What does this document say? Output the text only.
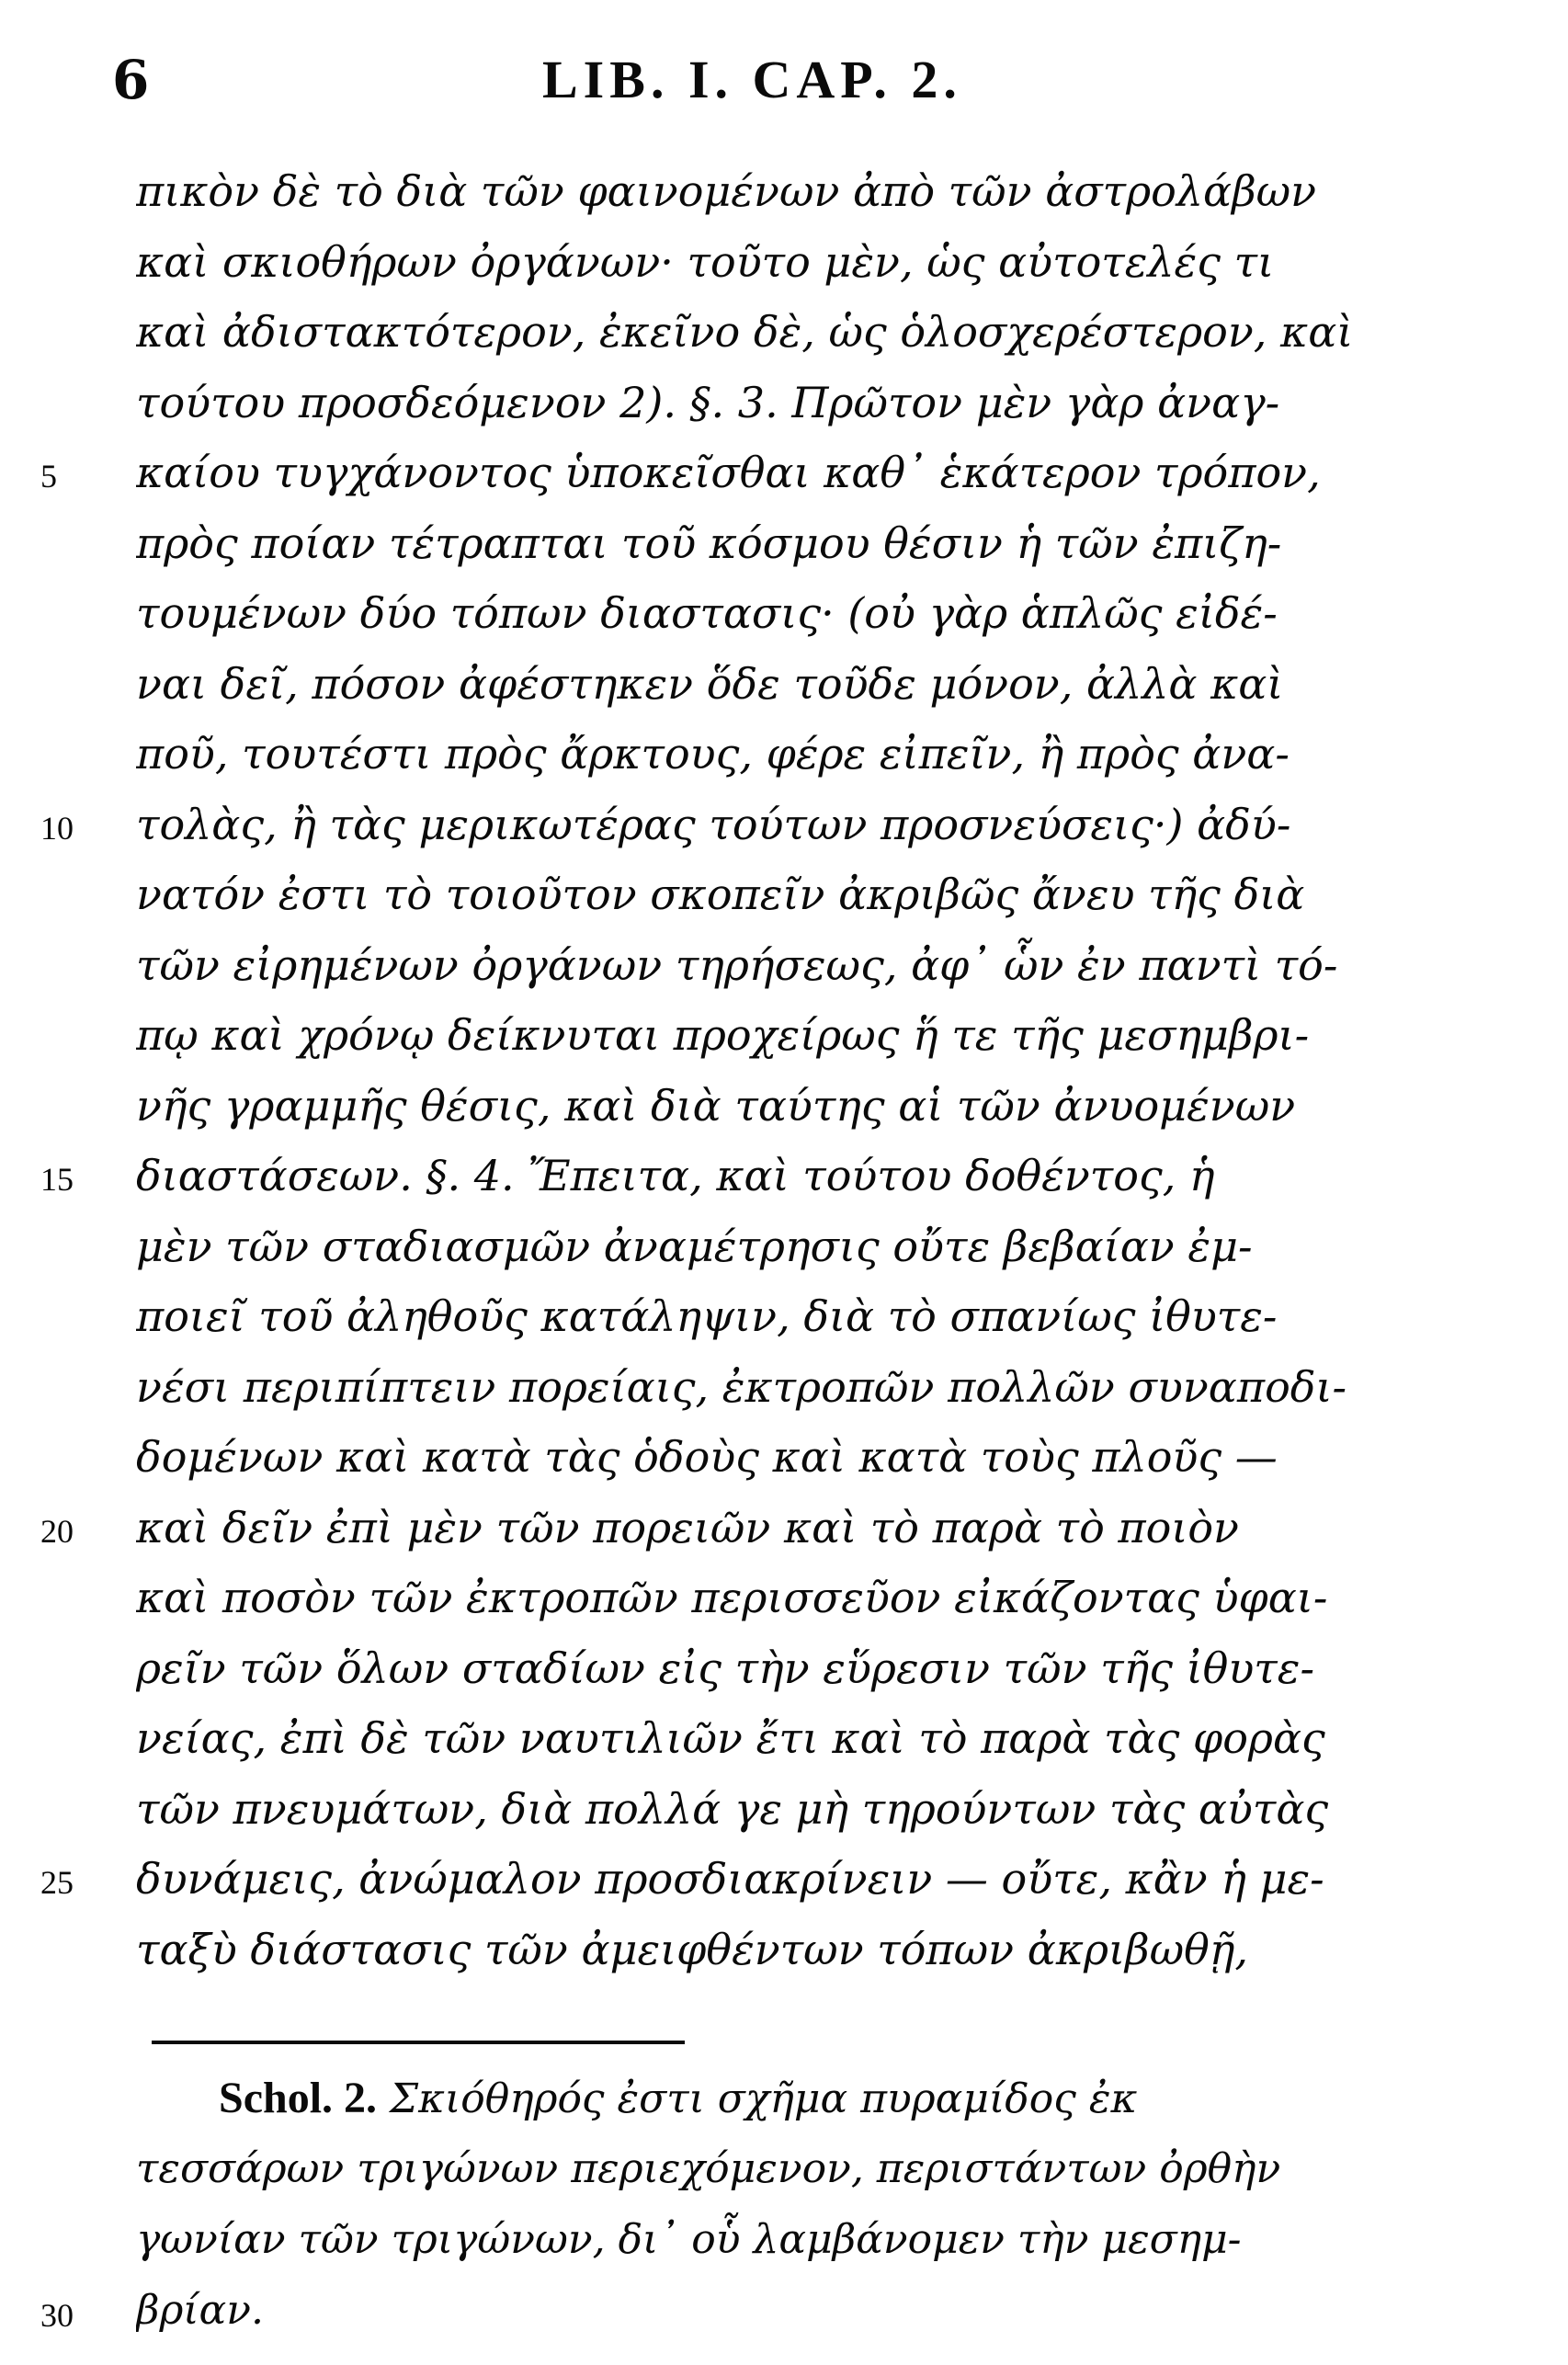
6	LIB. I. CAP. 2.
πικὸν δὲ τὸ διὰ τῶν φαινομένων ἀπὸ τῶν ἀστρολάβων
καὶ σκιοθήρων ὀργάνων· τοῦτο μὲν, ὡς αὐτοτελές τι
καὶ ἀδιστακτότερον, ἐκεῖνο δὲ, ὡς ὁλοσχερέστερον, καὶ
τούτου προσδεόμενον 2). §. 3. Πρῶτον μὲν γὰρ ἀναγ-
καίου τυγχάνοντος ὑποκεῖσθαι καθ᾽ ἑκάτερον τρόπον,
5
πρὸς ποίαν τέτραπται τοῦ κόσμου θέσιν ἡ τῶν ἐπιζη-
τουμένων δύο τόπων διαστασις· (οὐ γὰρ ἁπλῶς εἰδέ-
ναι δεῖ, πόσον ἀφέστηκεν ὅδε τοῦδε μόνον, ἀλλὰ καὶ
ποῦ, τουτέστι πρὸς ἄρκτους, φέρε εἰπεῖν, ἢ πρὸς ἀνα-
τολὰς, ἢ τὰς μερικωτέρας τούτων προσνεύσεις·) ἀδύ-
10
νατόν ἐστι τὸ τοιοῦτον σκοπεῖν ἀκριβῶς ἄνευ τῆς διὰ
τῶν εἰρημένων ὀργάνων τηρήσεως, ἀφ᾽ ὧν ἐν παντὶ τό-
πῳ καὶ χρόνῳ δείκνυται προχείρως ἥ τε τῆς μεσημβρι-
νῆς γραμμῆς θέσις, καὶ διὰ ταύτης αἱ τῶν ἀνυομένων
διαστάσεων. §. 4. Ἔπειτα, καὶ τούτου δοθέντος, ἡ
15
μὲν τῶν σταδιασμῶν ἀναμέτρησις οὔτε βεβαίαν ἐμ-
ποιεῖ τοῦ ἀληθοῦς κατάληψιν, διὰ τὸ σπανίως ἰθυτε-
νέσι περιπίπτειν πορείαις, ἐκτροπῶν πολλῶν συναποδι-
δομένων καὶ κατὰ τὰς ὁδοὺς καὶ κατὰ τοὺς πλοῦς —
καὶ δεῖν ἐπὶ μὲν τῶν πορειῶν καὶ τὸ παρὰ τὸ ποιὸν
20
καὶ ποσὸν τῶν ἐκτροπῶν περισσεῦον εἰκάζοντας ὑφαι-
ρεῖν τῶν ὅλων σταδίων εἰς τὴν εὕρεσιν τῶν τῆς ἰθυτε-
νείας, ἐπὶ δὲ τῶν ναυτιλιῶν ἔτι καὶ τὸ παρὰ τὰς φορὰς
τῶν πνευμάτων, διὰ πολλά γε μὴ τηρούντων τὰς αὐτὰς
δυνάμεις, ἀνώμαλον προσδιακρίνειν — οὔτε, κἂν ἡ με-
25
ταξὺ διάστασις τῶν ἀμειφθέντων τόπων ἀκριβωθῇ,
Schol. 2. Σκιόθηρός ἐστι σχῆμα πυραμίδος ἐκ
τεσσάρων τριγώνων περιεχόμενον, περιστάντων ὀρθὴν
γωνίαν τῶν τριγώνων, δι᾽ οὗ λαμβάνομεν τὴν μεσημ-
βρίαν.
30
